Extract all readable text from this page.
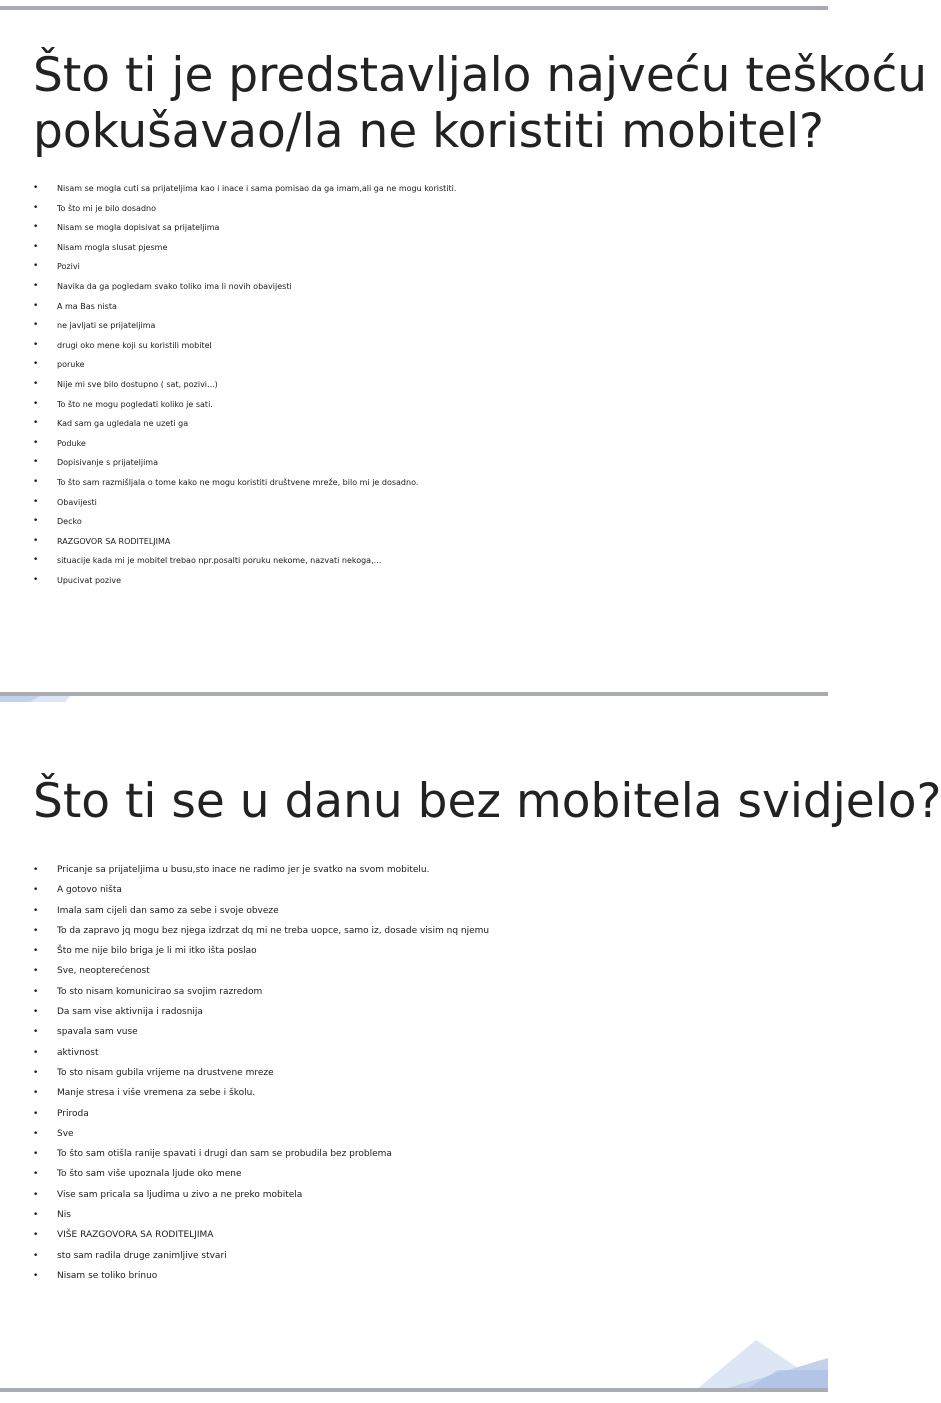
Što ti je predstavljalo najveću teškoću
pokušavao/la ne koristiti mobitel?
• Nisam se mogla cuti sa prijateljima kao i inace i sama pomisao da ga imam,ali ga ne mogu koristiti.
• To što mi je bilo dosadno
• Nisam se mogla dopisivat sa prijateljima
• Nisam mogla slusat pjesme
• Pozivi
• Navika da ga pogledam svako toliko ima li novih obavijesti
• A ma Bas nista
• ne javljati se prijateljima
• drugi oko mene koji su koristili mobitel
• poruke
• Nije mi sve bilo dostupno ( sat, pozivi...)
• To što ne mogu pogledati koliko je sati.
• Kad sam ga ugledala ne uzeti ga
• Poduke
• Dopisivanje s prijateljima
• To što sam razmišljala o tome kako ne mogu koristiti društvene mreže, bilo mi je dosadno.
• Obavijesti
• Decko
• RAZGOVOR SA RODITELJIMA
• situacije kada mi je mobitel trebao npr.posalti poruku nekome, nazvati nekoga,...
• Upucivat pozive
Što ti se u danu bez mobitela svidjelo?
• Pricanje sa prijateljima u busu,sto inace ne radimo jer je svatko na svom mobitelu.
• A gotovo ništa
• Imala sam cijeli dan samo za sebe i svoje obveze
• To da zapravo jq mogu bez njega izdrzat dq mi ne treba uopce, samo iz, dosade visim nq njemu
• Što me nije bilo briga je li mi itko išta poslao
• Sve, neopterećenost
• To sto nisam komunicirao sa svojim razredom
• Da sam vise aktivnija i radosnija
• spavala sam vuse
• aktivnost
• To sto nisam gubila vrijeme na drustvene mreze
• Manje stresa i više vremena za sebe i školu.
• Priroda
• Sve
• To što sam otišla ranije spavati i drugi dan sam se probudila bez problema
• To što sam više upoznala ljude oko mene
• Vise sam pricala sa ljudima u zivo a ne preko mobitela
• Nis
• VIŠE RAZGOVORA SA RODITELJIMA
• sto sam radila druge zanimljive stvari
• Nisam se toliko brinuo
